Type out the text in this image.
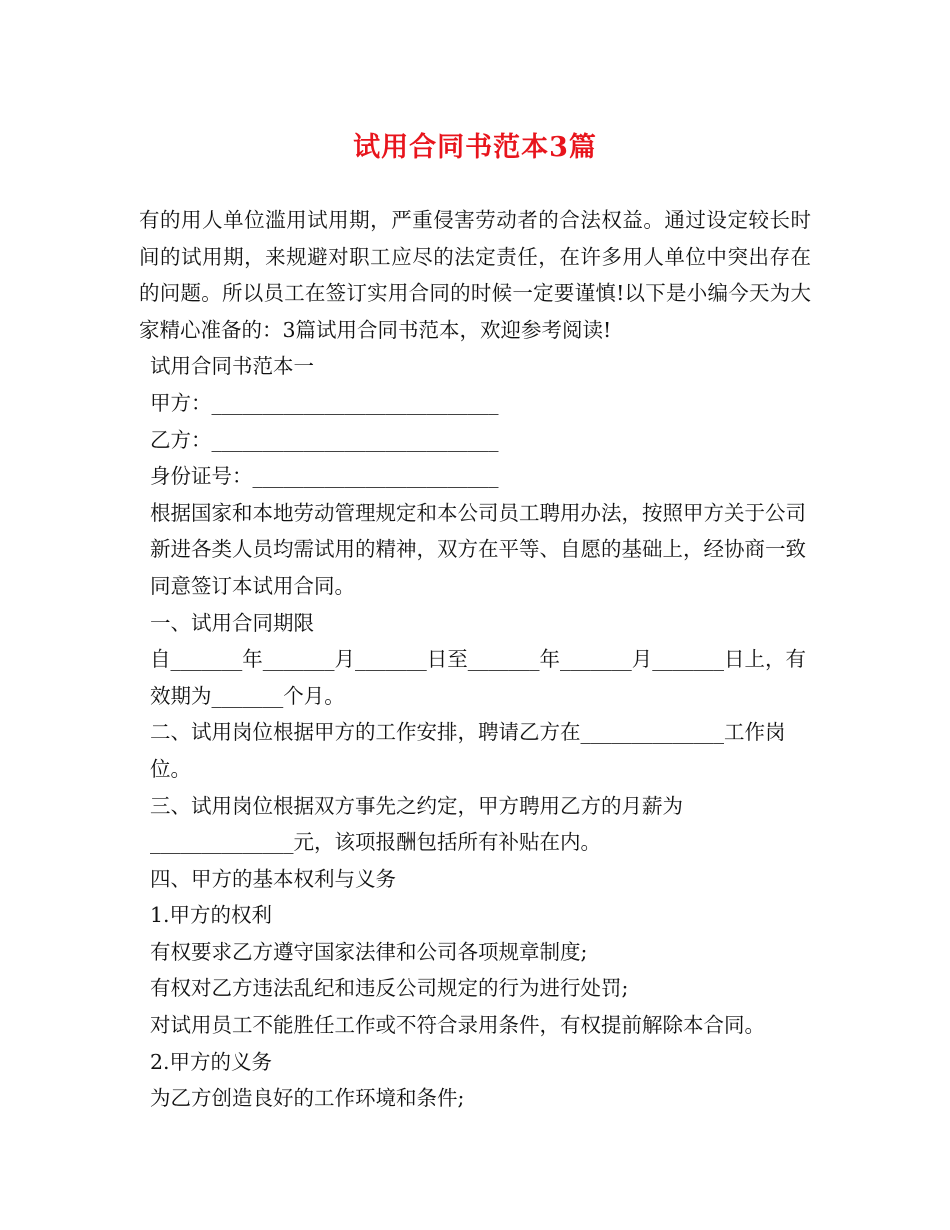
试用合同书范本3篇

有的用人单位滥用试用期，严重侵害劳动者的合法权益。通过设定较长时间的试用期，来规避对职工应尽的法定责任，在许多用人单位中突出存在的问题。所以员工在签订实用合同的时候一定要谨慎!以下是小编今天为大家精心准备的：3篇试用合同书范本，欢迎参考阅读!

试用合同书范本一

甲方：____________________________

乙方：____________________________

身份证号：________________________

根据国家和本地劳动管理规定和本公司员工聘用办法，按照甲方关于公司新进各类人员均需试用的精神，双方在平等、自愿的基础上，经协商一致同意签订本试用合同。

一、试用合同期限

自_______年_______月_______日至_______年_______月_______日上，有效期为_______个月。

二、试用岗位根据甲方的工作安排，聘请乙方在______________工作岗位。

三、试用岗位根据双方事先之约定，甲方聘用乙方的月薪为______________元，该项报酬包括所有补贴在内。

四、甲方的基本权利与义务

1.甲方的权利

有权要求乙方遵守国家法律和公司各项规章制度;

有权对乙方违法乱纪和违反公司规定的行为进行处罚;

对试用员工不能胜任工作或不符合录用条件，有权提前解除本合同。

2.甲方的义务

为乙方创造良好的工作环境和条件;
